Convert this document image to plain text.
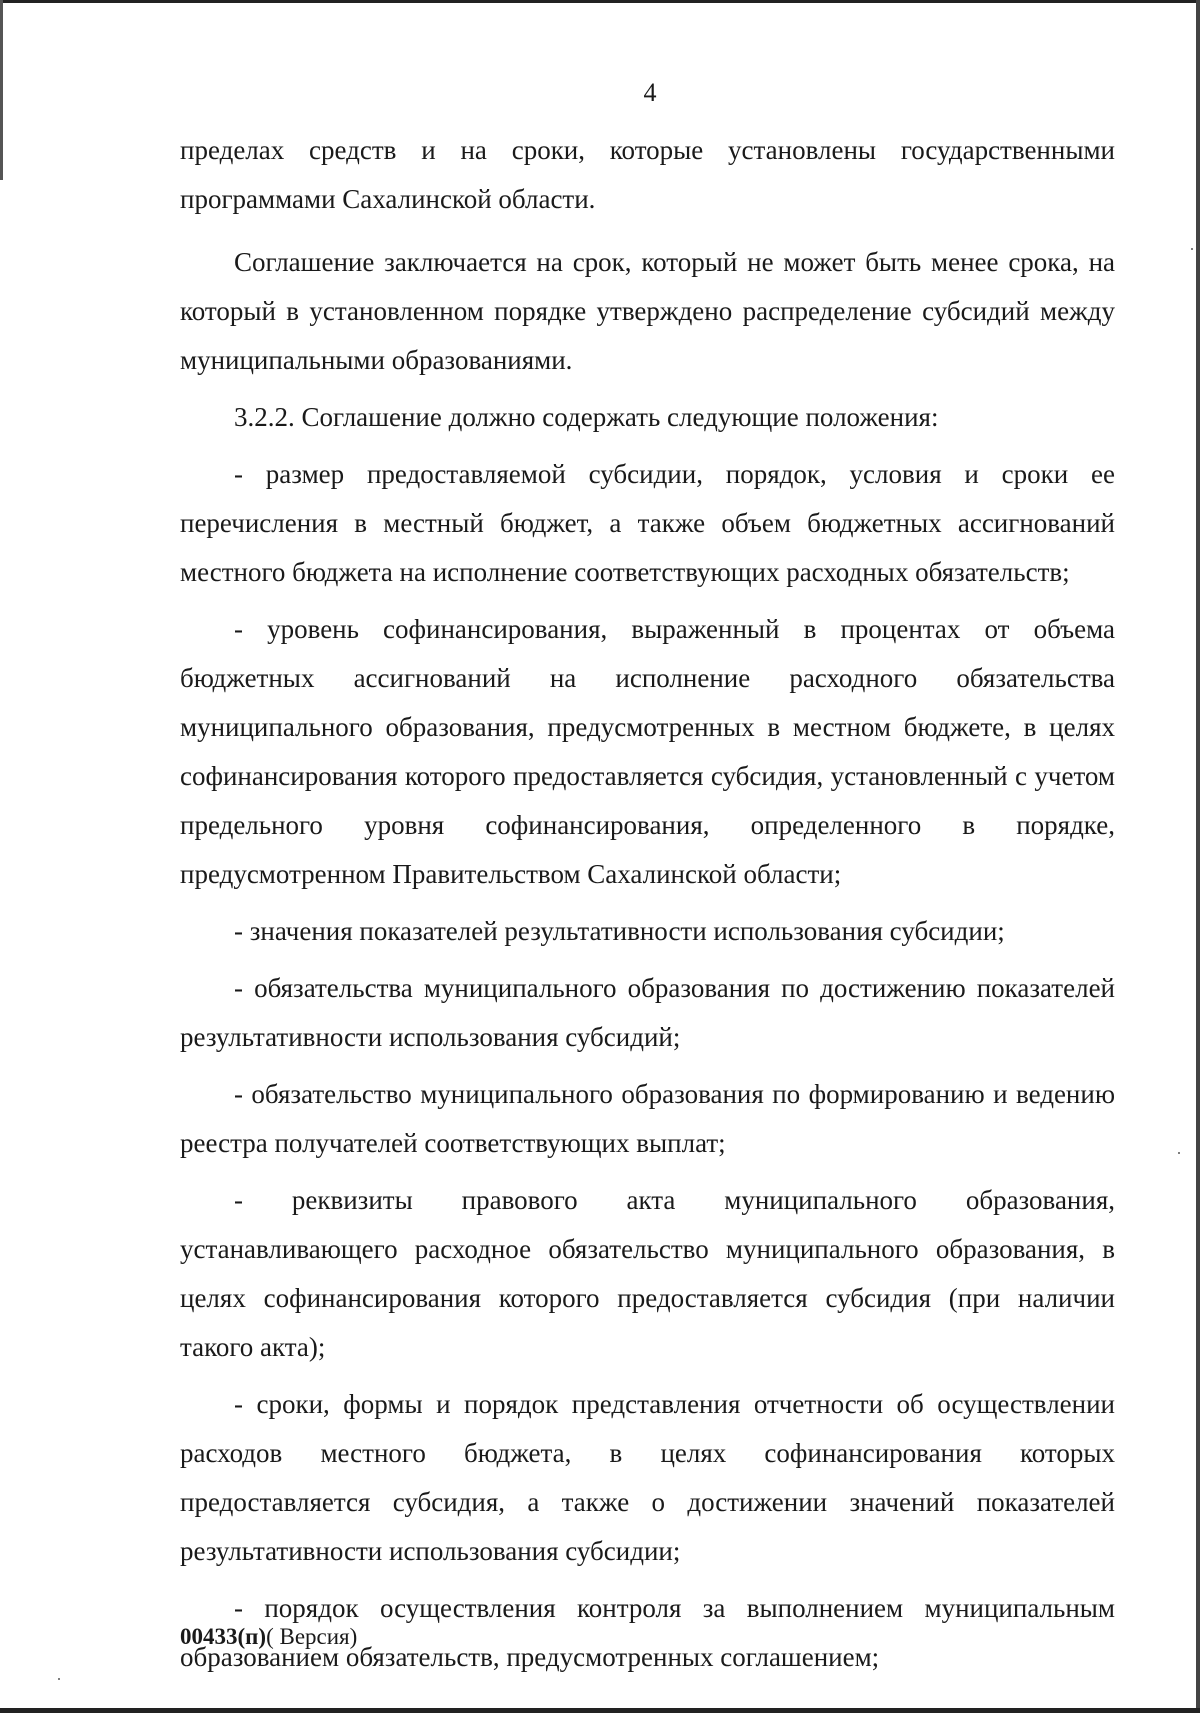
4

пределах средств и на сроки, которые установлены государственными программами Сахалинской области.

Соглашение заключается на срок, который не может быть менее срока, на который в установленном порядке утверждено распределение субсидий между муниципальными образованиями.

3.2.2. Соглашение должно содержать следующие положения:

- размер предоставляемой субсидии, порядок, условия и сроки ее перечисления в местный бюджет, а также объем бюджетных ассигнований местного бюджета на исполнение соответствующих расходных обязательств;

- уровень софинансирования, выраженный в процентах от объема бюджетных ассигнований на исполнение расходного обязательства муниципального образования, предусмотренных в местном бюджете, в целях софинансирования которого предоставляется субсидия, установленный с учетом предельного уровня софинансирования, определенного в порядке, предусмотренном Правительством Сахалинской области;

- значения показателей результативности использования субсидии;

- обязательства муниципального образования по достижению показателей результативности использования субсидий;

- обязательство муниципального образования по формированию и ведению реестра получателей соответствующих выплат;

- реквизиты правового акта муниципального образования, устанавливающего расходное обязательство муниципального образования, в целях софинансирования которого предоставляется субсидия (при наличии такого акта);

- сроки, формы и порядок представления отчетности об осуществлении расходов местного бюджета, в целях софинансирования которых предоставляется субсидия, а также о достижении значений показателей результативности использования субсидии;

- порядок осуществления контроля за выполнением муниципальным образованием обязательств, предусмотренных соглашением;

00433(п)( Версия)
